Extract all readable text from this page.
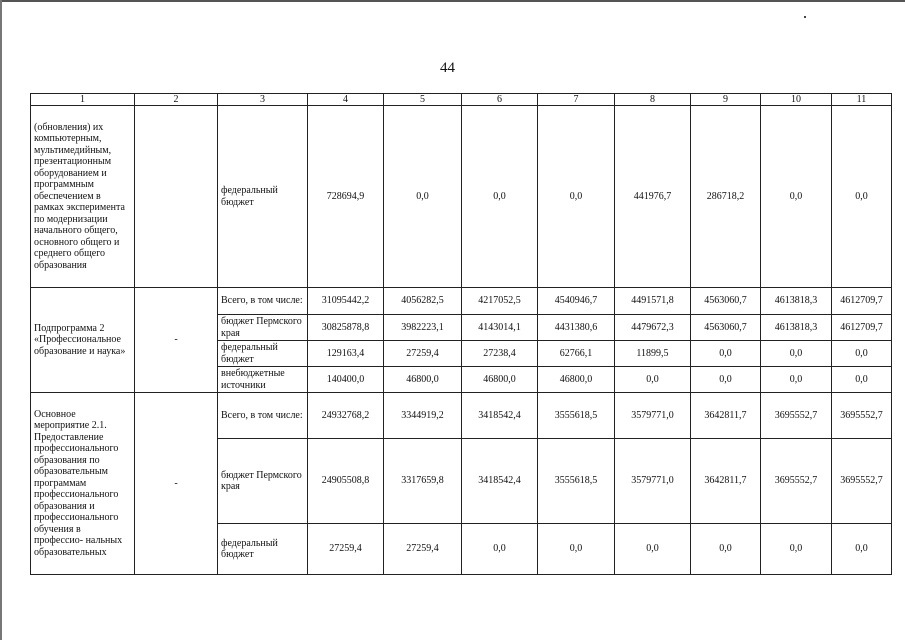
44
1	2	3	4	5	6	7	8	9	10	11
(обновления) их компьютерным, мультимедийным, презентационным оборудованием и программным обеспечением в рамках эксперимента по модернизации начального общего, основного общего и среднего общего образования		федеральный бюджет	728694,9	0,0	0,0	0,0	441976,7	286718,2	0,0	0,0
Подпрограмма 2 «Профессиональное образование и наука»	-	Всего, в том числе:	31095442,2	4056282,5	4217052,5	4540946,7	4491571,8	4563060,7	4613818,3	4612709,7
		бюджет Пермского края	30825878,8	3982223,1	4143014,1	4431380,6	4479672,3	4563060,7	4613818,3	4612709,7
		федеральный бюджет	129163,4	27259,4	27238,4	62766,1	11899,5	0,0	0,0	0,0
		внебюджетные источники	140400,0	46800,0	46800,0	46800,0	0,0	0,0	0,0	0,0
Основное мероприятие 2.1. Предоставление профессионального образования по образовательным программам профессионального образования и профессионального обучения в профессио- нальных образовательных	-	Всего, в том числе:	24932768,2	3344919,2	3418542,4	3555618,5	3579771,0	3642811,7	3695552,7	3695552,7
		бюджет Пермского края	24905508,8	3317659,8	3418542,4	3555618,5	3579771,0	3642811,7	3695552,7	3695552,7
		федеральный бюджет	27259,4	27259,4	0,0	0,0	0,0	0,0	0,0	0,0
